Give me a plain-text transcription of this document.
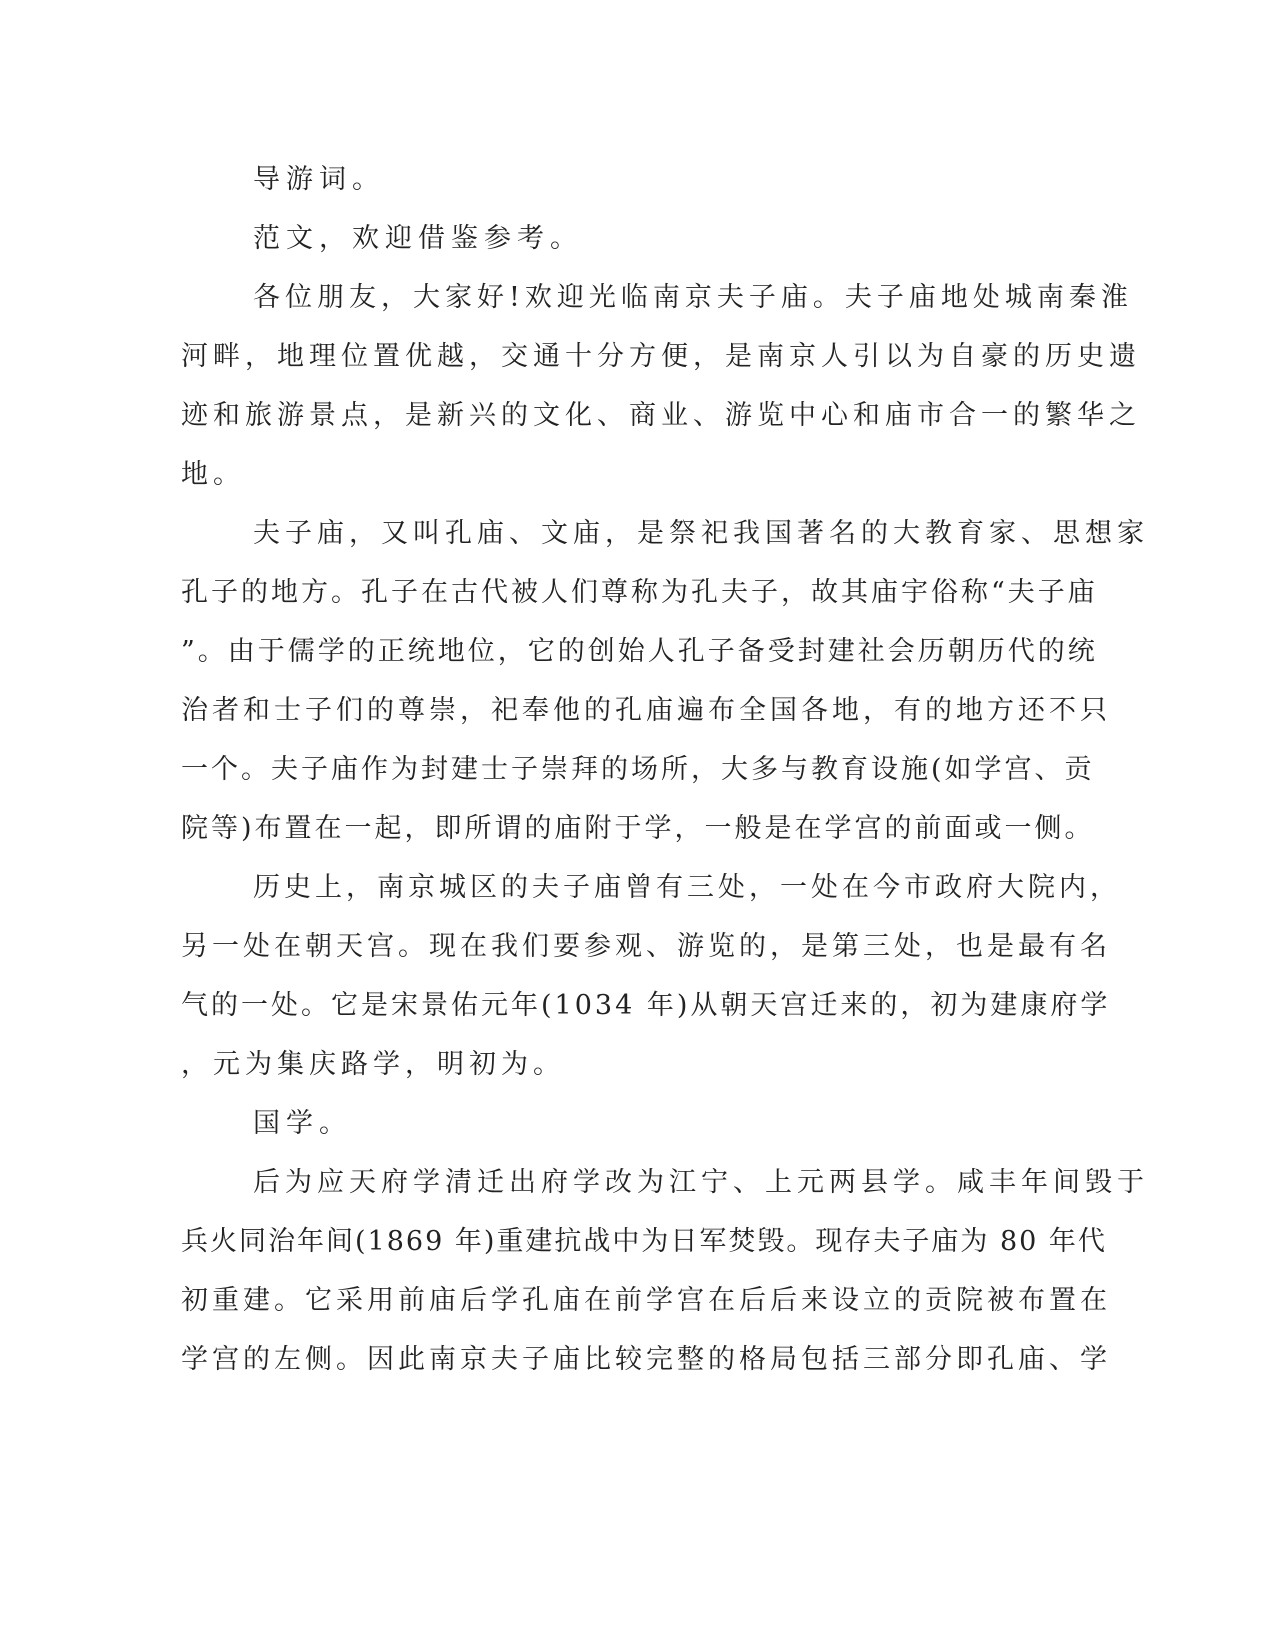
导游词。

范文，欢迎借鉴参考。

各位朋友，大家好!欢迎光临南京夫子庙。夫子庙地处城南秦淮

河畔，地理位置优越，交通十分方便，是南京人引以为自豪的历史遗

迹和旅游景点，是新兴的文化、商业、游览中心和庙市合一的繁华之

地。

夫子庙，又叫孔庙、文庙，是祭祀我国著名的大教育家、思想家

孔子的地方。孔子在古代被人们尊称为孔夫子，故其庙宇俗称“夫子庙

”。由于儒学的正统地位，它的创始人孔子备受封建社会历朝历代的统

治者和士子们的尊崇，祀奉他的孔庙遍布全国各地，有的地方还不只

一个。夫子庙作为封建士子崇拜的场所，大多与教育设施(如学宫、贡

院等)布置在一起，即所谓的庙附于学，一般是在学宫的前面或一侧。

历史上，南京城区的夫子庙曾有三处，一处在今市政府大院内，

另一处在朝天宫。现在我们要参观、游览的，是第三处，也是最有名

气的一处。它是宋景佑元年(1034 年)从朝天宫迁来的，初为建康府学

，元为集庆路学，明初为。

国学。

后为应天府学清迁出府学改为江宁、上元两县学。咸丰年间毁于

兵火同治年间(1869 年)重建抗战中为日军焚毁。现存夫子庙为 80 年代

初重建。它采用前庙后学孔庙在前学宫在后后来设立的贡院被布置在

学宫的左侧。因此南京夫子庙比较完整的格局包括三部分即孔庙、学
